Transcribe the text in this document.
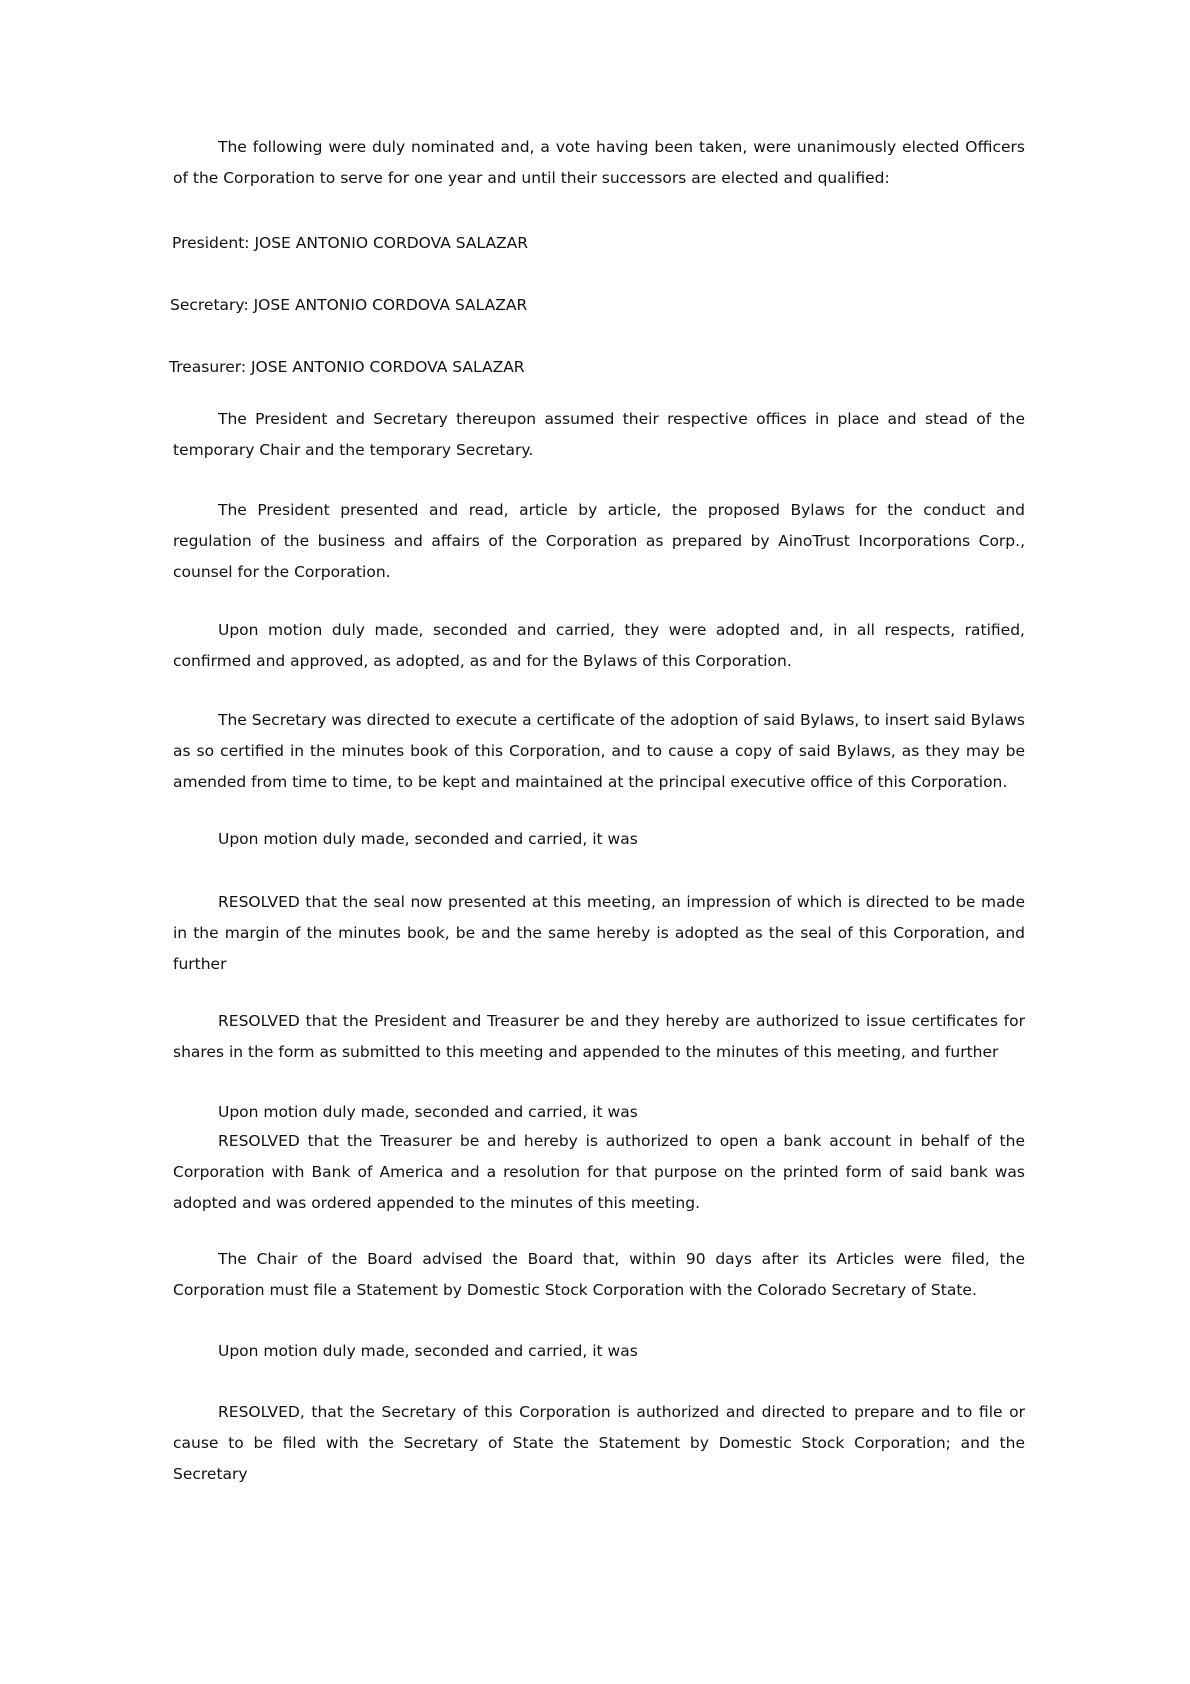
The following were duly nominated and, a vote having been taken, were unanimously elected Officers of the Corporation to serve for one year and until their successors are elected and qualified:

President: JOSE ANTONIO CORDOVA SALAZAR

Secretary: JOSE ANTONIO CORDOVA SALAZAR

Treasurer: JOSE ANTONIO CORDOVA SALAZAR

The President and Secretary thereupon assumed their respective offices in place and stead of the temporary Chair and the temporary Secretary.

The President presented and read, article by article, the proposed Bylaws for the conduct and regulation of the business and affairs of the Corporation as prepared by AinoTrust Incorporations Corp., counsel for the Corporation.

Upon motion duly made, seconded and carried, they were adopted and, in all respects, ratified, confirmed and approved, as adopted, as and for the Bylaws of this Corporation.

The Secretary was directed to execute a certificate of the adoption of said Bylaws, to insert said Bylaws as so certified in the minutes book of this Corporation, and to cause a copy of said Bylaws, as they may be amended from time to time, to be kept and maintained at the principal executive office of this Corporation.

Upon motion duly made, seconded and carried, it was

RESOLVED that the seal now presented at this meeting, an impression of which is directed to be made in the margin of the minutes book, be and the same hereby is adopted as the seal of this Corporation, and further

RESOLVED that the President and Treasurer be and they hereby are authorized to issue certificates for shares in the form as submitted to this meeting and appended to the minutes of this meeting, and further

Upon motion duly made, seconded and carried, it was

RESOLVED that the Treasurer be and hereby is authorized to open a bank account in behalf of the Corporation with Bank of America and a resolution for that purpose on the printed form of said bank was adopted and was ordered appended to the minutes of this meeting.

The Chair of the Board advised the Board that, within 90 days after its Articles were filed, the Corporation must file a Statement by Domestic Stock Corporation with the Colorado Secretary of State.

Upon motion duly made, seconded and carried, it was

RESOLVED, that the Secretary of this Corporation is authorized and directed to prepare and to file or cause to be filed with the Secretary of State the Statement by Domestic Stock Corporation; and the Secretary
